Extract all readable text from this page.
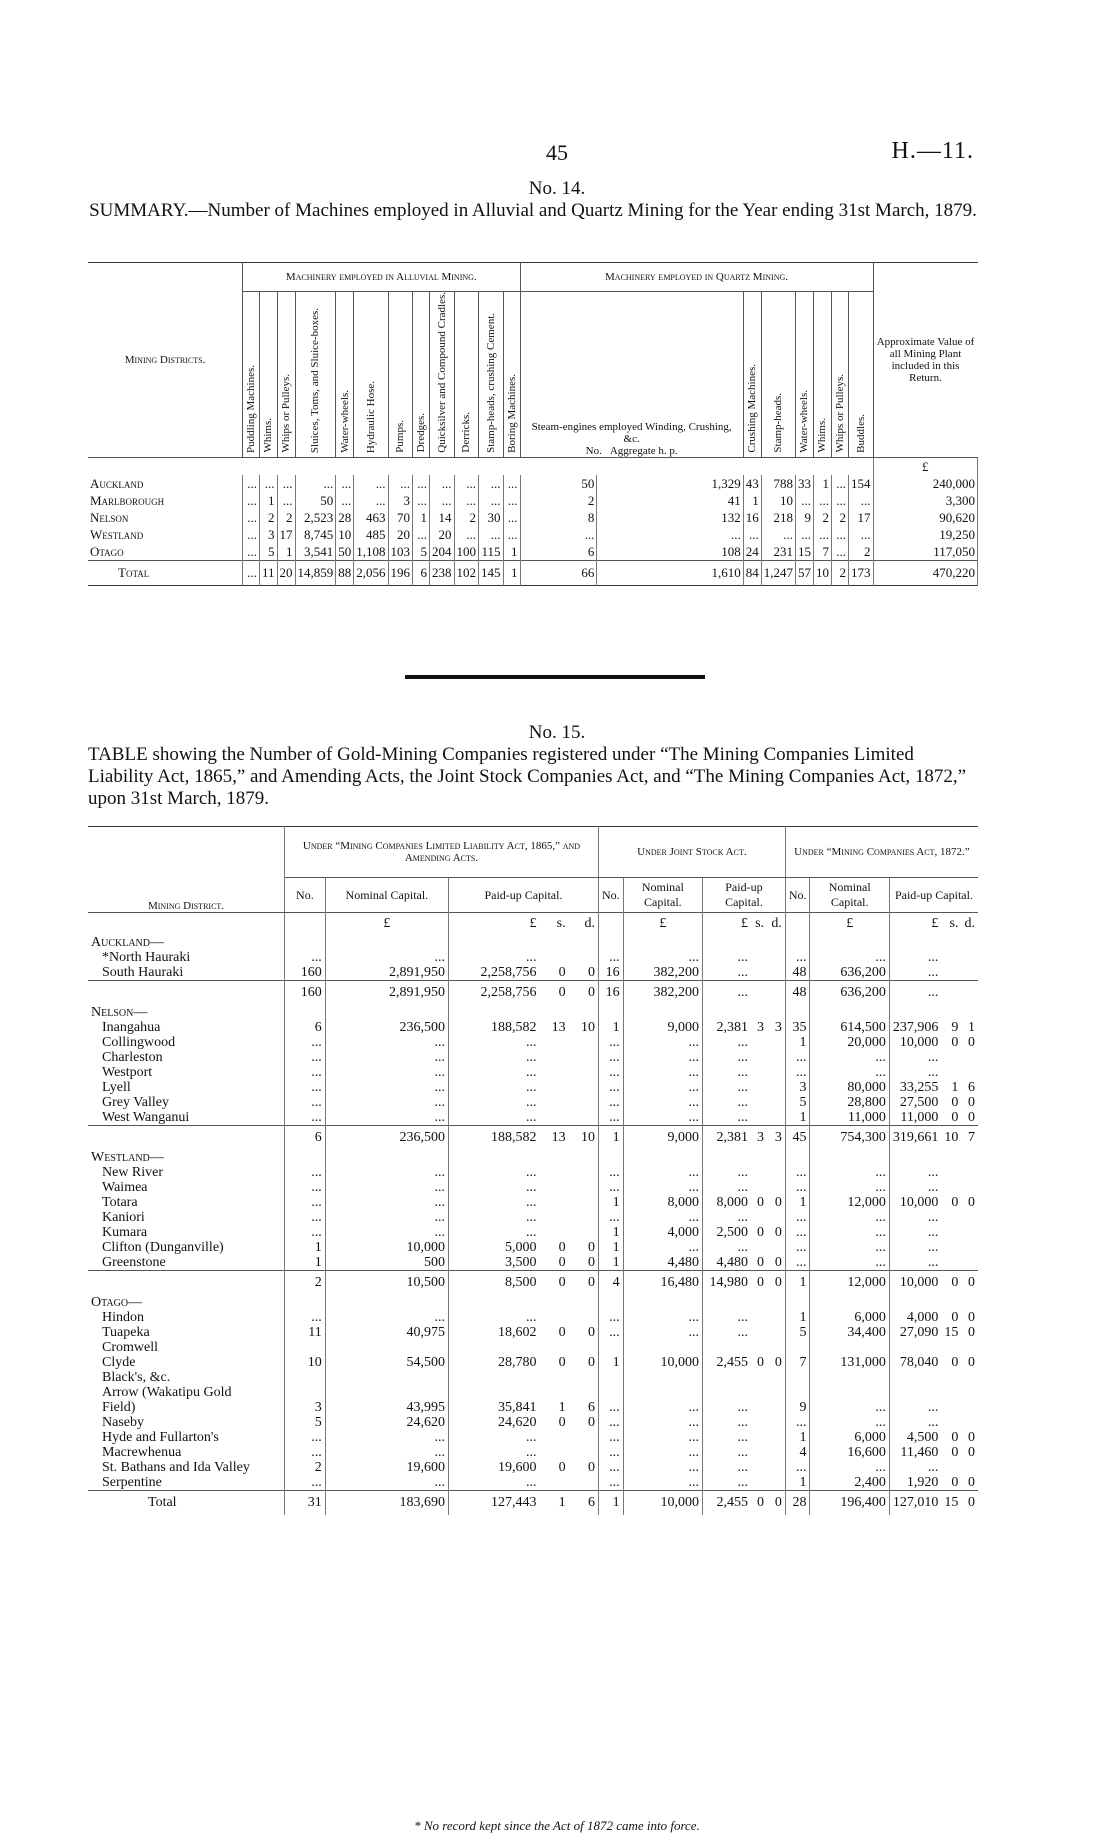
45	H.—11.
No. 14.
SUMMARY.—Number of Machines employed in Alluvial and Quartz Mining for the Year ending 31st March, 1879.
Mining Districts.	Machinery employed in Alluvial Mining.												Machinery employed in Quartz Mining.								Approximate Value of all Mining Plant included in this Return.
	Puddling Machines.	Whims.	Whips or Pulleys.	Sluices, Toms, and Sluice-boxes.	Water-wheels.	Hydraulic Hose.	Pumps.	Dredges.	Quicksilver and Compound Cradles.	Derricks.	Stamp-heads, crushing Cement.	Boring Machines.	Steam-engines employed Winding, Crushing, &c.
No. Aggregate h. p.		Crushing Machines.	Stamp-heads.	Water-wheels.	Whims.	Whips or Pulleys.	Buddles.	
																					£
Auckland	...	...	...	...	...	...	...	...	...	...	...	...	50	1,329	43	788	33	1	...	154	240,000
Marlborough	...	1	...	50	...	...	3	...	...	...	...	...	2	41	1	10	...	...	...	...	3,300
Nelson	...	2	2	2,523	28	463	70	1	14	2	30	...	8	132	16	218	9	2	2	17	90,620
Westland	...	3	17	8,745	10	485	20	...	20	...	...	...	...	...	...	...	...	...	...	...	19,250
Otago	...	5	1	3,541	50	1,108	103	5	204	100	115	1	6	108	24	231	15	7	...	2	117,050
Total	...	11	20	14,859	88	2,056	196	6	238	102	145	1	66	1,610	84	1,247	57	10	2	173	470,220
No. 15.
TABLE showing the Number of Gold-Mining Companies registered under “The Mining Companies Limited Liability Act, 1865,” and Amending Acts, the Joint Stock Companies Act, and “The Mining Companies Act, 1872,” upon 31st March, 1879.
Mining District.	Under “Mining Companies Limited Liability Act, 1865,” and Amending Acts.					Under Joint Stock Act.					Under “Mining Companies Act, 1872.”				
	No.	Nominal Capital.	Paid-up Capital.			No.	Nominal Capital.	Paid-up Capital.			No.	Nominal Capital.	Paid-up Capital.		
		£	£	s.	d.		£	£	s.	d.		£	£	s.	d.
Auckland—															
*North Hauraki	...	...	...			...	...	...			...	...	...		
South Hauraki	160	2,891,950	2,258,756	0	0	16	382,200	...			48	636,200	...		
	160	2,891,950	2,258,756	0	0	16	382,200	...			48	636,200	...		
Nelson—															
Inangahua	6	236,500	188,582	13	10	1	9,000	2,381	3	3	35	614,500	237,906	9	1
Collingwood	...	...	...			...	...	...			1	20,000	10,000	0	0
Charleston	...	...	...			...	...	...			...	...	...		
Westport	...	...	...			...	...	...			...	...	...		
Lyell	...	...	...			...	...	...			3	80,000	33,255	1	6
Grey Valley	...	...	...			...	...	...			5	28,800	27,500	0	0
West Wanganui	...	...	...			...	...	...			1	11,000	11,000	0	0
	6	236,500	188,582	13	10	1	9,000	2,381	3	3	45	754,300	319,661	10	7
Westland—															
New River	...	...	...			...	...	...			...	...	...		
Waimea	...	...	...			...	...	...			...	...	...		
Totara	...	...	...			1	8,000	8,000	0	0	1	12,000	10,000	0	0
Kaniori	...	...	...			...	...	...			...	...	...		
Kumara	...	...	...			1	4,000	2,500	0	0	...	...	...		
Clifton (Dunganville)	1	10,000	5,000	0	0	1	...	...			...	...	...		
Greenstone	1	500	3,500	0	0	1	4,480	4,480	0	0	...	...	...		
	2	10,500	8,500	0	0	4	16,480	14,980	0	0	1	12,000	10,000	0	0
Otago—															
Hindon	...	...	...			...	...	...			1	6,000	4,000	0	0
Tuapeka	11	40,975	18,602	0	0	...	...	...			5	34,400	27,090	15	0
Cromwell															
Clyde	10	54,500	28,780	0	0	1	10,000	2,455	0	0	7	131,000	78,040	0	0
Black's, &c.															
Arrow (Wakatipu Gold															
Field)	3	43,995	35,841	1	6	...	...	...			9	...	...		
Naseby	5	24,620	24,620	0	0	...	...	...			...	...	...		
Hyde and Fullarton's	...	...	...			...	...	...			1	6,000	4,500	0	0
Macrewhenua	...	...	...			...	...	...			4	16,600	11,460	0	0
St. Bathans and Ida Valley	2	19,600	19,600	0	0	...	...	...			...	...	...		
Serpentine	...	...	...			...	...	...			1	2,400	1,920	0	0
Total	31	183,690	127,443	1	6	1	10,000	2,455	0	0	28	196,400	127,010	15	0
* No record kept since the Act of 1872 came into force.
